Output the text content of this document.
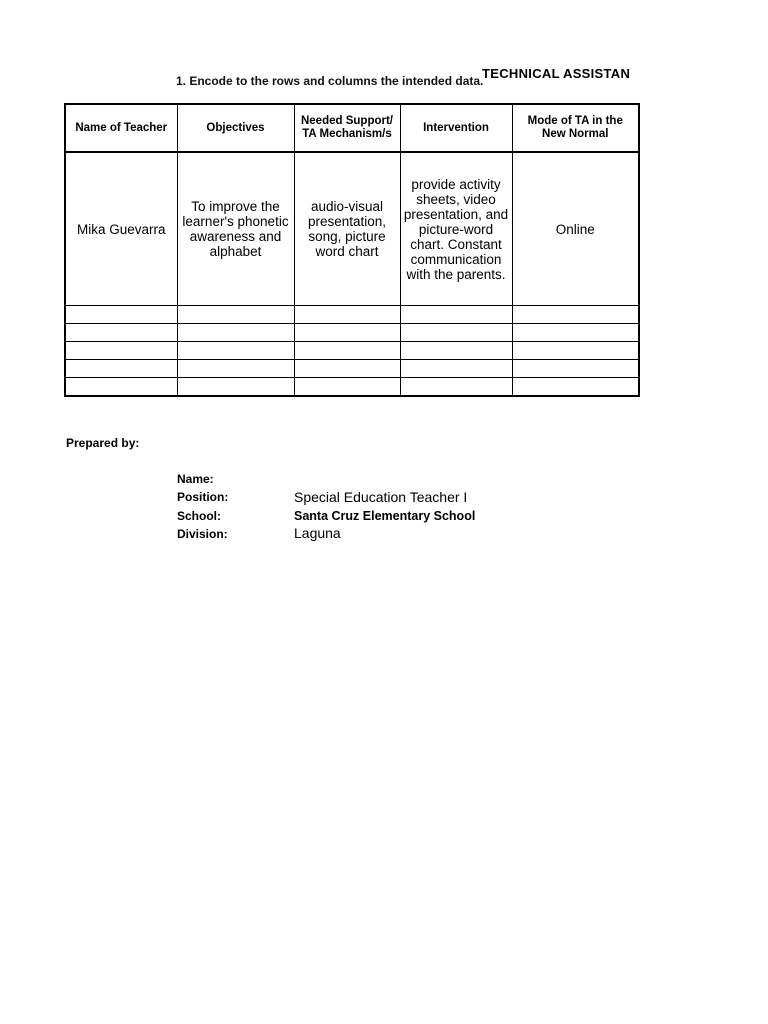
1. Encode to the rows and columns the intended data.
TECHNICAL ASSISTAN
Name of Teacher	Objectives	Needed Support/ TA Mechanism/s	Intervention	Mode of TA in the New Normal
Mika Guevarra	To improve the learner's phonetic awareness and alphabet	audio-visual presentation, song, picture word chart	provide activity sheets, video presentation, and picture-word chart. Constant communication with the parents.	Online

Prepared by:
Name:
Position:	Special Education Teacher I
School:	Santa Cruz Elementary School
Division:	Laguna
